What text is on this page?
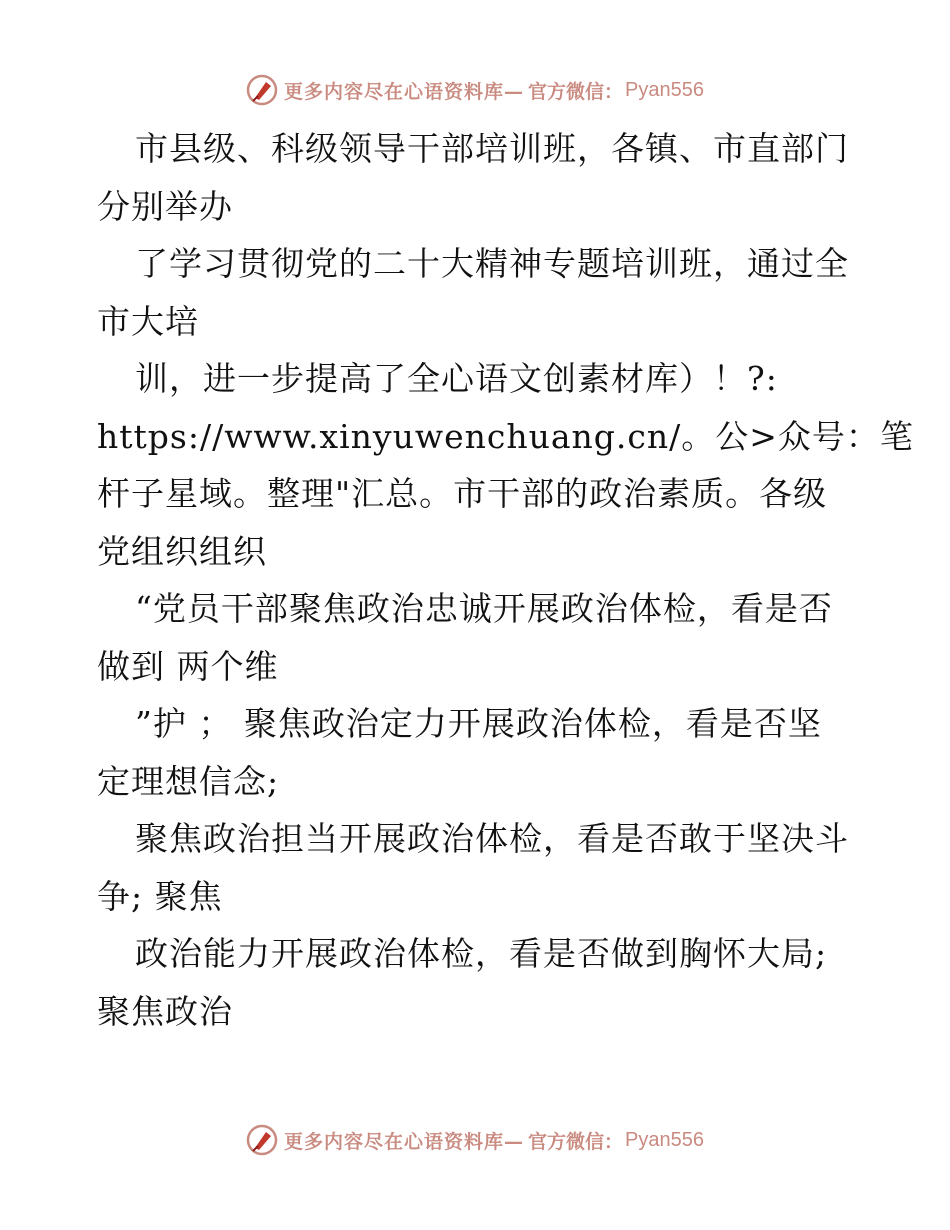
更多内容尽在心语资料库— 官方微信： Pyan556
市县级、科级领导干部培训班，各镇、市直部门
分别举办
了学习贯彻党的二十大精神专题培训班，通过全
市大培
训，进一步提高了全心语文创素材库）！?:
https://www.xinyuwenchuang.cn/。公>众号：笔
杆子星域。整理"汇总。市干部的政治素质。各级
党组织组织
“党员干部聚焦政治忠诚开展政治体检，看是否
做到 两个维
”护 ； 聚焦政治定力开展政治体检，看是否坚
定理想信念;
聚焦政治担当开展政治体检，看是否敢于坚决斗
争; 聚焦
政治能力开展政治体检，看是否做到胸怀大局;
聚焦政治
更多内容尽在心语资料库— 官方微信： Pyan556
